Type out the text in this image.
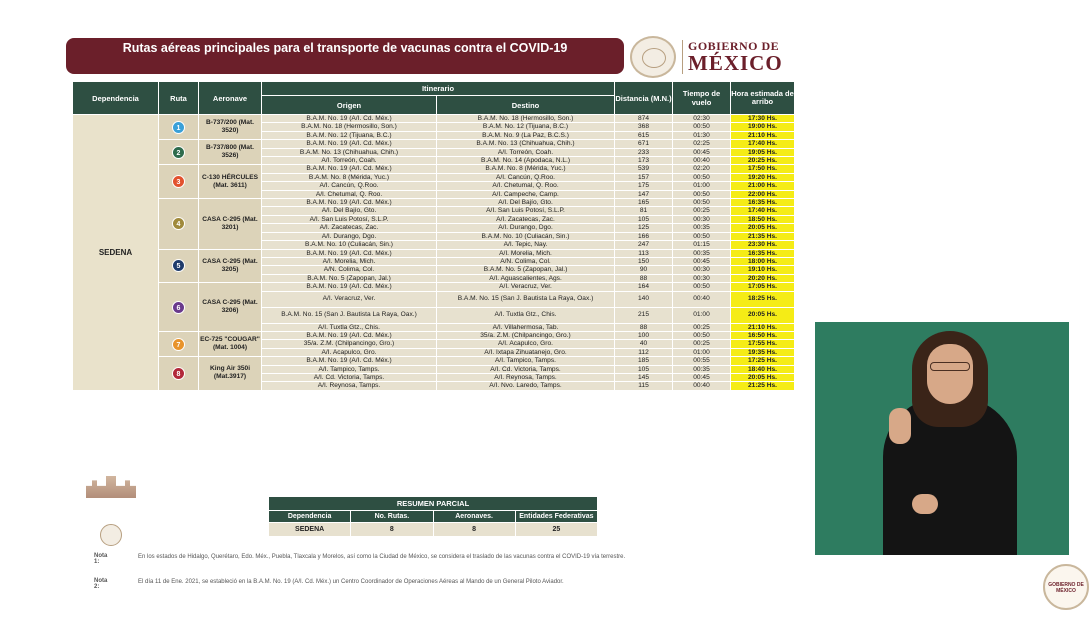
Rutas aéreas principales para el transporte de vacunas contra el COVID-19	GOBIERNO DE
MÉXICO
Dependencia	Ruta	Aeronave	Itinerario		Distancia (M.N.)	Tiempo de vuelo	Hora estimada de arribo
			Origen	Destino			
SEDENA	1	B-737/200 (Mat. 3520)	B.A.M. No. 19 (A/I. Cd. Méx.)	B.A.M. No. 18 (Hermosillo, Son.)	874	02:30	17:30 Hs.
			B.A.M. No. 18 (Hermosillo, Son.)	B.A.M. No. 12 (Tijuana, B.C.)	368	00:50	19:00 Hs.
			B.A.M. No. 12 (Tijuana, B.C.)	B.A.M. No. 9 (La Paz, B.C.S.)	615	01:30	21:10 Hs.
	2	B-737/800 (Mat. 3526)	B.A.M. No. 19 (A/I. Cd. Méx.)	B.A.M. No. 13 (Chihuahua, Chih.)	671	02:25	17:40 Hs.
			B.A.M. No. 13 (Chihuahua, Chih.)	A/I. Torreón, Coah.	233	00:45	19:05 Hs.
			A/I. Torreón, Coah.	B.A.M. No. 14 (Apodaca, N.L.)	173	00:40	20:25 Hs.
	3	C-130 HÉRCULES (Mat. 3611)	B.A.M. No. 19 (A/I. Cd. Méx.)	B.A.M. No. 8 (Mérida, Yuc.)	539	02:20	17:50 Hs.
			B.A.M. No. 8 (Mérida, Yuc.)	A/I. Cancún, Q.Roo.	157	00:50	19:20 Hs.
			A/I. Cancún, Q.Roo.	A/I. Chetumal, Q. Roo.	175	01:00	21:00 Hs.
			A/I. Chetumal, Q. Roo.	A/I. Campeche, Camp.	147	00:50	22:00 Hs.
	4	CASA C-295 (Mat. 3201)	B.A.M. No. 19 (A/I. Cd. Méx.)	A/I. Del Bajío, Gto.	165	00:50	16:35 Hs.
			A/I. Del Bajío, Gto.	A/I. San Luis Potosí, S.L.P.	81	00:25	17:40 Hs.
			A/I. San Luis Potosí, S.L.P.	A/I. Zacatecas, Zac.	105	00:30	18:50 Hs.
			A/I. Zacatecas, Zac.	A/I. Durango, Dgo.	125	00:35	20:05 Hs.
			A/I. Durango, Dgo.	B.A.M. No. 10 (Culiacán, Sin.)	166	00:50	21:35 Hs.
			B.A.M. No. 10 (Culiacán, Sin.)	A/I. Tepic, Nay.	247	01:15	23:30 Hs.
	5	CASA C-295 (Mat. 3205)	B.A.M. No. 19 (A/I. Cd. Méx.)	A/I. Morelia, Mich.	113	00:35	16:35 Hs.
			A/I. Morelia, Mich.	A/N. Colima, Col.	150	00:45	18:00 Hs.
			A/N. Colima, Col.	B.A.M. No. 5 (Zapopan, Jal.)	90	00:30	19:10 Hs.
			B.A.M. No. 5 (Zapopan, Jal.)	A/I. Aguascalientes, Ags.	88	00:30	20:20 Hs.
	6	CASA C-295 (Mat. 3206)	B.A.M. No. 19 (A/I. Cd. Méx.)	A/I. Veracruz, Ver.	164	00:50	17:05 Hs.
			A/I. Veracruz, Ver.	B.A.M. No. 15 (San J. Bautista La Raya, Oax.)	140	00:40	18:25 Hs.
			B.A.M. No. 15 (San J. Bautista La Raya, Oax.)	A/I. Tuxtla Gtz., Chis.	215	01:00	20:05 Hs.
			A/I. Tuxtla Gtz., Chis.	A/I. Villahermosa, Tab.	88	00:25	21:10 Hs.
	7	EC-725 "COUGAR" (Mat. 1004)	B.A.M. No. 19 (A/I. Cd. Méx.)	35/a. Z.M. (Chilpancingo, Gro.)	100	00:50	16:50 Hs.
			35/a. Z.M. (Chilpancingo, Gro.)	A/I. Acapulco, Gro.	40	00:25	17:55 Hs.
			A/I. Acapulco, Gro.	A/I. Ixtapa Zihuatanejo, Gro.	112	01:00	19:35 Hs.
	8	King Air 350i (Mat.3917)	B.A.M. No. 19 (A/I. Cd. Méx.)	A/I. Tampico, Tamps.	185	00:55	17:25 Hs.
			A/I. Tampico, Tamps.	A/I. Cd. Victoria, Tamps.	105	00:35	18:40 Hs.
			A/I. Cd. Victoria, Tamps.	A/I. Reynosa, Tamps.	145	00:45	20:05 Hs.
			A/I. Reynosa, Tamps.	A/I. Nvo. Laredo, Tamps.	115	00:40	21:25 Hs.
RESUMEN PARCIAL			
Dependencia	No. Rutas.	Aeronaves.	Entidades Federativas
SEDENA	8	8	25
Nota 1:
En los estados de Hidalgo, Querétaro, Edo. Méx., Puebla, Tlaxcala y Morelos, así como la Ciudad de México, se considera el traslado de las vacunas contra el COVID-19 vía terrestre.
Nota 2:
El día 11 de Ene. 2021, se estableció en la B.A.M. No. 19 (A/I. Cd. Méx.) un Centro Coordinador de Operaciones Aéreas al Mando de un General Piloto Aviador.	GOBIERNO DE MÉXICO
